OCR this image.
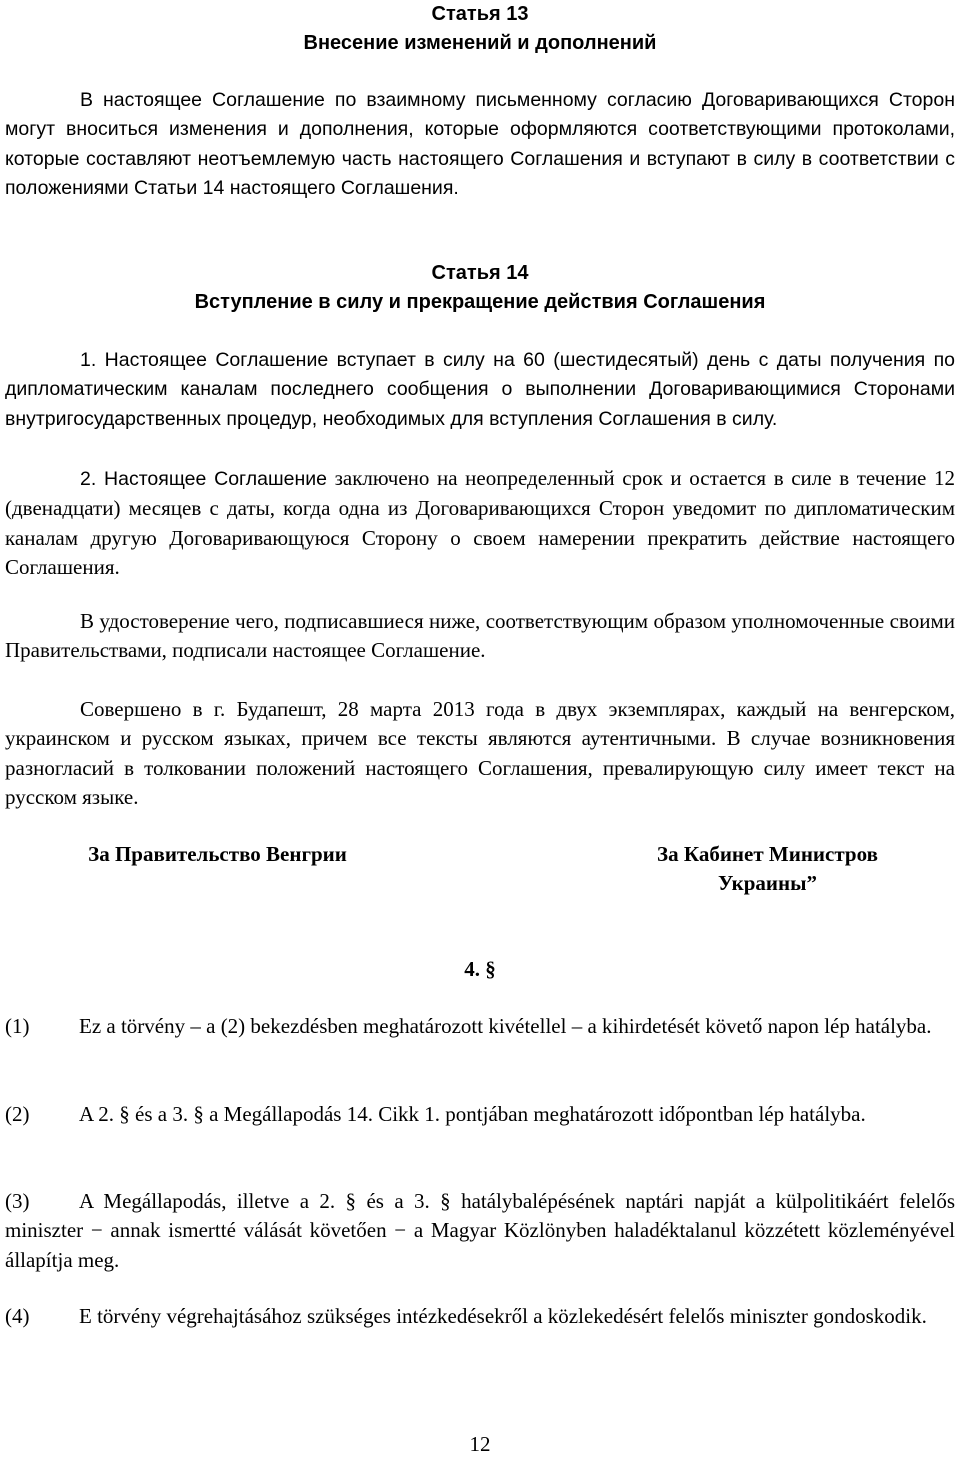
Статья 13

Внесение изменений и дополнений

В настоящее Соглашение по взаимному письменному согласию Договаривающихся Сторон могут вноситься изменения и дополнения, которые оформляются соответствующими протоколами, которые составляют неотъемлемую часть настоящего Соглашения и вступают в силу в соответствии с положениями Статьи 14 настоящего Соглашения.

Статья 14

Вступление в силу и прекращение действия Соглашения

1. Настоящее Соглашение вступает в силу на 60 (шестидесятый) день с даты получения по дипломатическим каналам последнего сообщения о выполнении Договаривающимися Сторонами внутригосударственных процедур, необходимых для вступления Соглашения в силу.

2. Настоящее Соглашение заключено на неопределенный срок и остается в силе в течение 12 (двенадцати) месяцев с даты, когда одна из Договаривающихся Сторон уведомит по дипломатическим каналам другую Договаривающуюся Сторону о своем намерении прекратить действие настоящего Соглашения.

В удостоверение чего, подписавшиеся ниже, соответствующим образом уполномоченные своими Правительствами, подписали настоящее Соглашение.

Совершено в г. Будапешт, 28 марта 2013 года в двух экземплярах, каждый на венгерском, украинском и русском языках, причем все тексты являются аутентичными. В случае возникновения разногласий в толковании положений настоящего Соглашения, превалирующую силу имеет текст на русском языке.

За Правительство Венгрии	За Кабинет Министров

Украины”

4. §

(1) Ez a törvény – a (2) bekezdésben meghatározott kivétellel – a kihirdetését követő napon lép hatályba.

(2) A 2. § és a 3. § a Megállapodás 14. Cikk 1. pontjában meghatározott időpontban lép hatályba.

(3) A Megállapodás, illetve a 2. § és a 3. § hatálybalépésének naptári napját a külpolitikáért felelős miniszter − annak ismertté válását követően − a Magyar Közlönyben haladéktalanul közzétett közleményével állapítja meg.

(4) E törvény végrehajtásához szükséges intézkedésekről a közlekedésért felelős miniszter gondoskodik.

12
